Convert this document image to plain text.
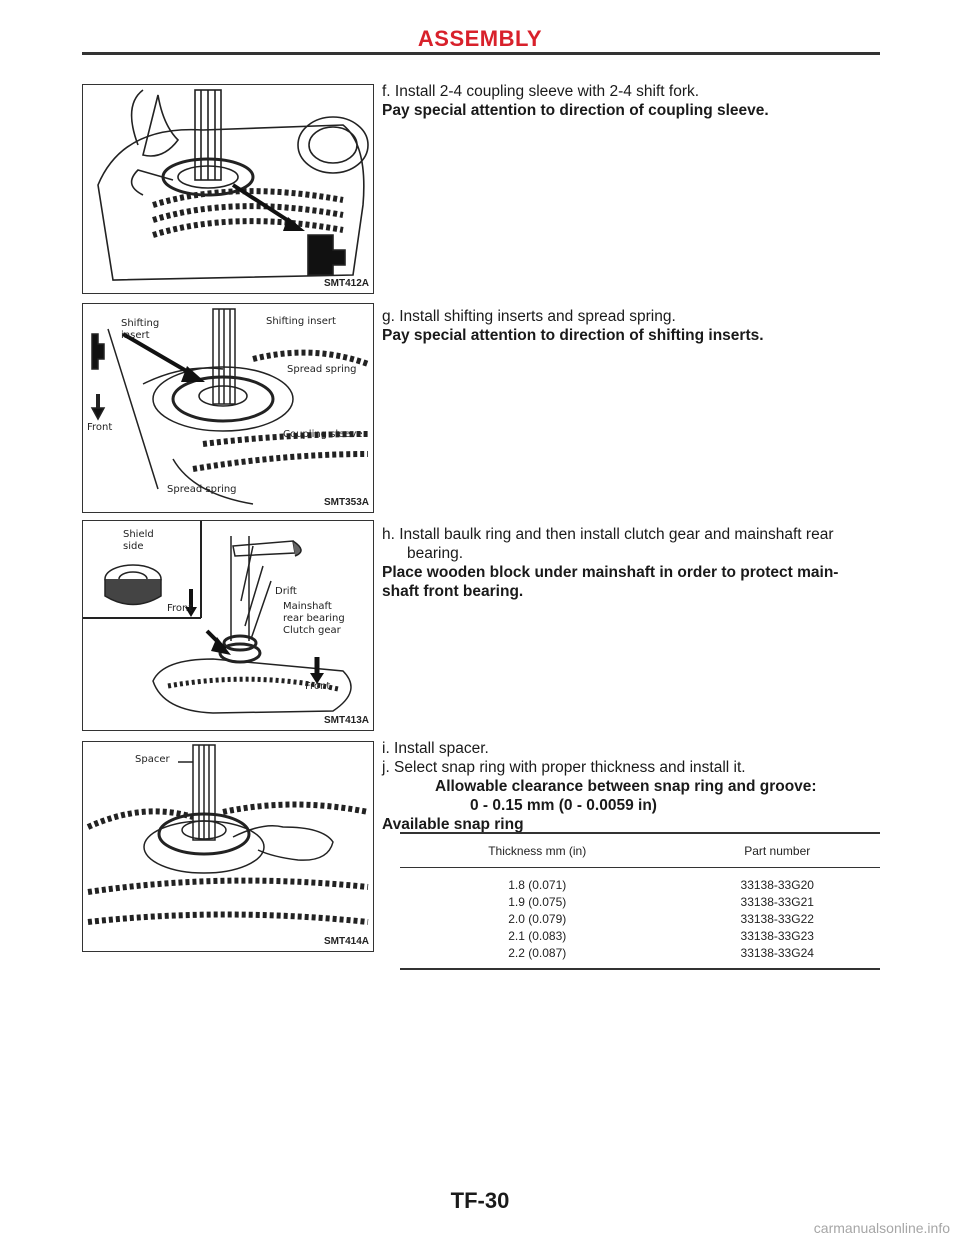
ASSEMBLY
SMT412A
Shifting insert
Shifting insert
Spread spring
Front
Coupling sleeve
Spread spring
SMT353A
Shield side
Front
Drift
Mainshaft
rear bearing
Clutch gear
Front
SMT413A
Spacer
SMT414A

f. Install 2-4 coupling sleeve with 2-4 shift fork.

Pay special attention to direction of coupling sleeve.

g. Install shifting inserts and spread spring.

Pay special attention to direction of shifting inserts.

h. Install baulk ring and then install clutch gear and mainshaft rear

bearing.

Place wooden block under mainshaft in order to protect main-

shaft front bearing.

i. Install spacer.

j. Select snap ring with proper thickness and install it.

Allowable clearance between snap ring and groove:

0 - 0.15 mm (0 - 0.0059 in)

Available snap ring

Thickness mm (in)	Part number
1.8 (0.071)	33138-33G20
1.9 (0.075)	33138-33G21
2.0 (0.079)	33138-33G22
2.1 (0.083)	33138-33G23
2.2 (0.087)	33138-33G24
TF-30
carmanualsonline.info
